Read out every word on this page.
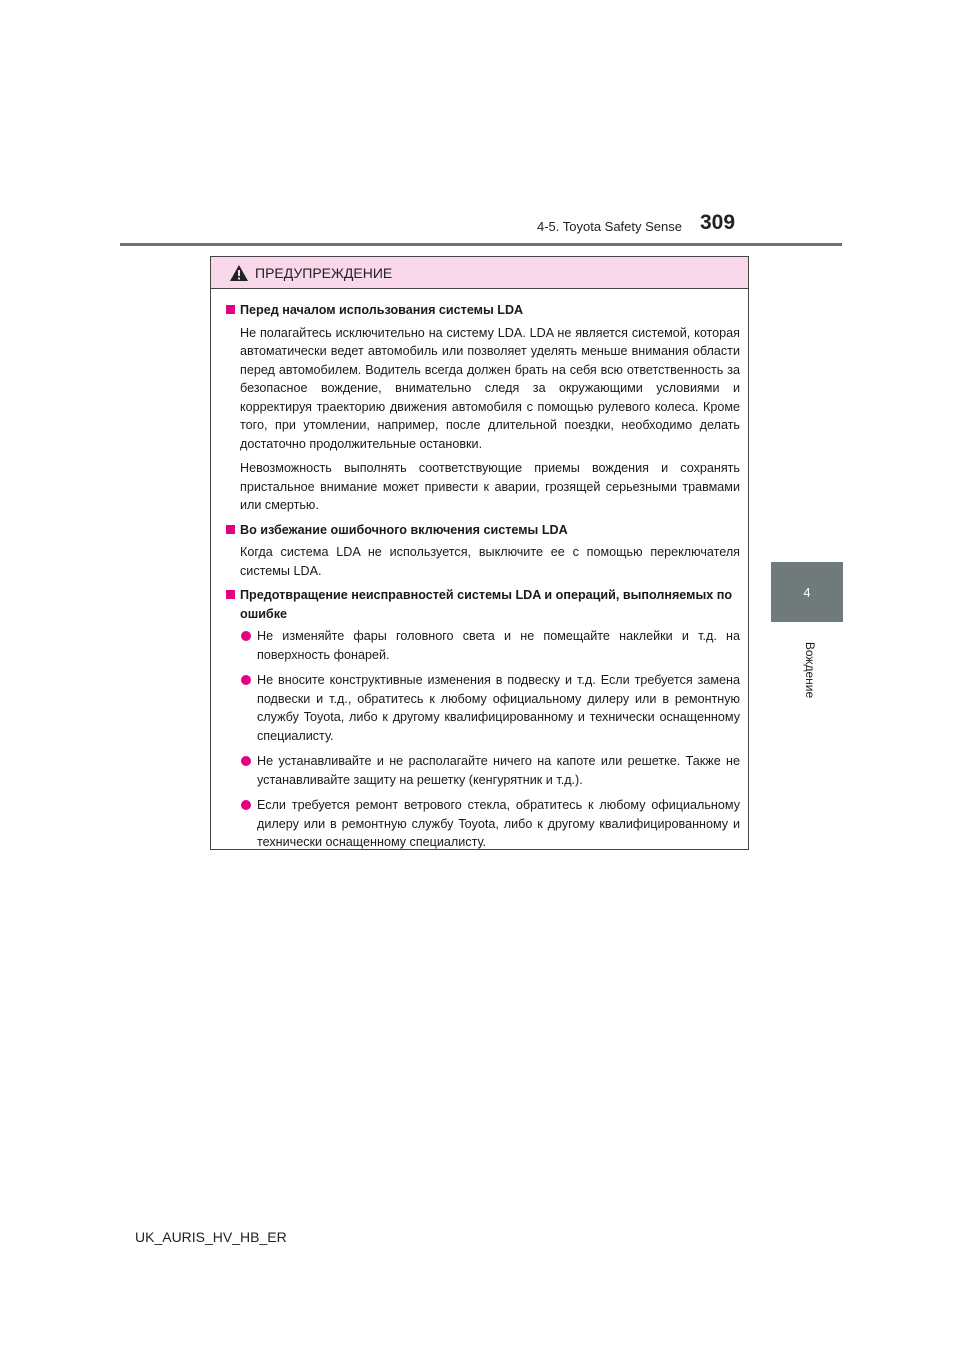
4-5. Toyota Safety Sense 309
4
Вождение
ПРЕДУПРЕЖДЕНИЕ
Перед началом использования системы LDA

Не полагайтесь исключительно на систему LDA. LDA не является системой, которая автоматически ведет автомобиль или позволяет уделять меньше внимания области перед автомобилем. Водитель всегда должен брать на себя всю ответственность за безопасное вождение, внимательно следя за окружающими условиями и корректируя траекторию движения автомобиля с помощью рулевого колеса. Кроме того, при утомлении, например, после длительной поездки, необходимо делать достаточно продолжительные остановки.

Невозможность выполнять соответствующие приемы вождения и сохранять пристальное внимание может привести к аварии, грозящей серьезными травмами или смертью.

Во избежание ошибочного включения системы LDA

Когда система LDA не используется, выключите ее с помощью переключателя системы LDA.

Предотвращение неисправностей системы LDA и операций, выполняемых по ошибке
Не изменяйте фары головного света и не помещайте наклейки и т.д. на поверхность фонарей.
Не вносите конструктивные изменения в подвеску и т.д. Если требуется замена подвески и т.д., обратитесь к любому официальному дилеру или в ремонтную службу Toyota, либо к другому квалифицированному и технически оснащенному специалисту.
Не устанавливайте и не располагайте ничего на капоте или решетке. Также не устанавливайте защиту на решетку (кенгурятник и т.д.).
Если требуется ремонт ветрового стекла, обратитесь к любому официальному дилеру или в ремонтную службу Toyota, либо к другому квалифицированному и технически оснащенному специалисту.
UK_AURIS_HV_HB_ER
